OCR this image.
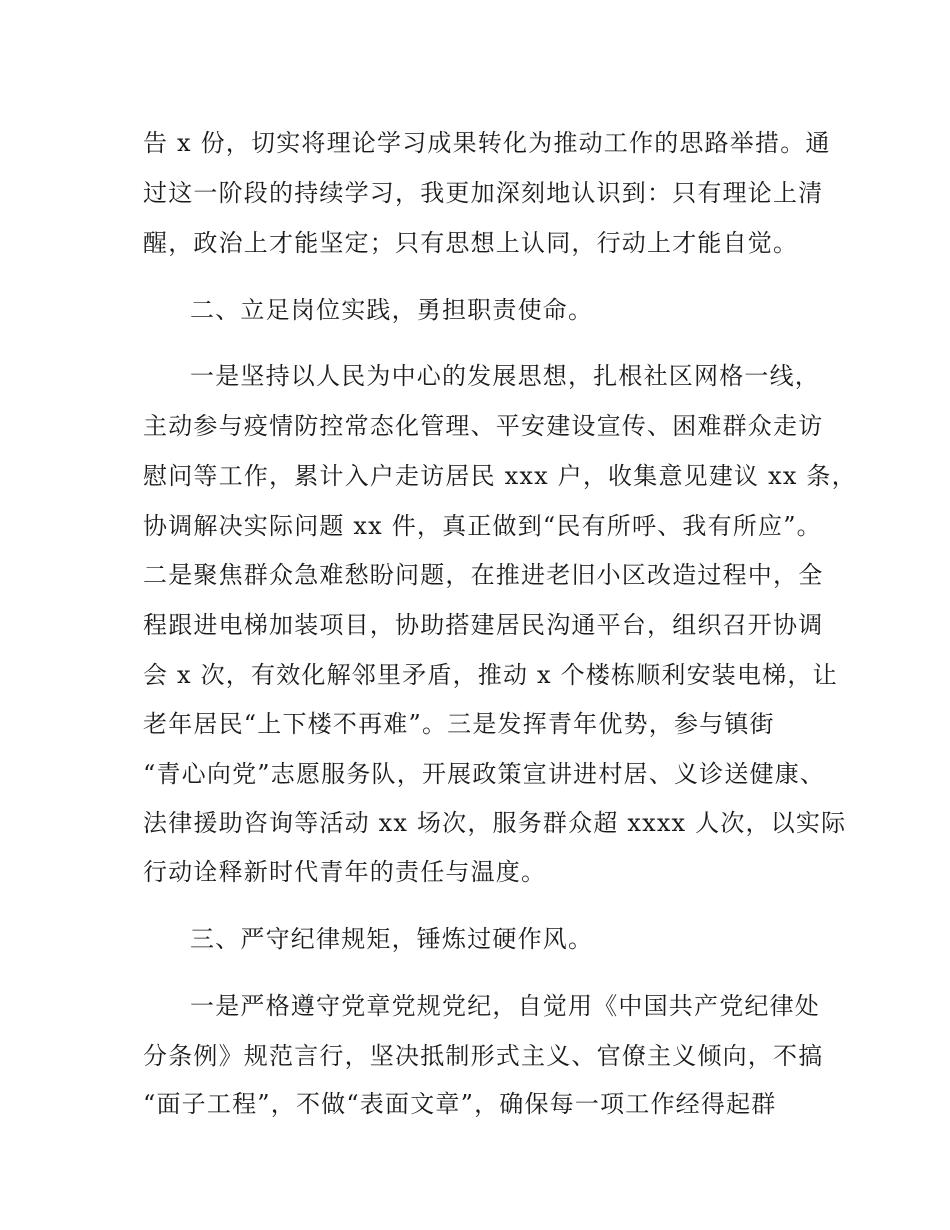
告 x 份，切实将理论学习成果转化为推动工作的思路举措。通
过这一阶段的持续学习，我更加深刻地认识到：只有理论上清
醒，政治上才能坚定；只有思想上认同，行动上才能自觉。
二、立足岗位实践，勇担职责使命。
一是坚持以人民为中心的发展思想，扎根社区网格一线，
主动参与疫情防控常态化管理、平安建设宣传、困难群众走访
慰问等工作，累计入户走访居民 xxx 户，收集意见建议 xx 条，
协调解决实际问题 xx 件，真正做到“民有所呼、我有所应”。
二是聚焦群众急难愁盼问题，在推进老旧小区改造过程中，全
程跟进电梯加装项目，协助搭建居民沟通平台，组织召开协调
会 x 次，有效化解邻里矛盾，推动 x 个楼栋顺利安装电梯，让
老年居民“上下楼不再难”。三是发挥青年优势，参与镇街
“青心向党”志愿服务队，开展政策宣讲进村居、义诊送健康、
法律援助咨询等活动 xx 场次，服务群众超 xxxx 人次，以实际
行动诠释新时代青年的责任与温度。
三、严守纪律规矩，锤炼过硬作风。
一是严格遵守党章党规党纪，自觉用《中国共产党纪律处
分条例》规范言行，坚决抵制形式主义、官僚主义倾向，不搞
“面子工程”，不做“表面文章”，确保每一项工作经得起群
